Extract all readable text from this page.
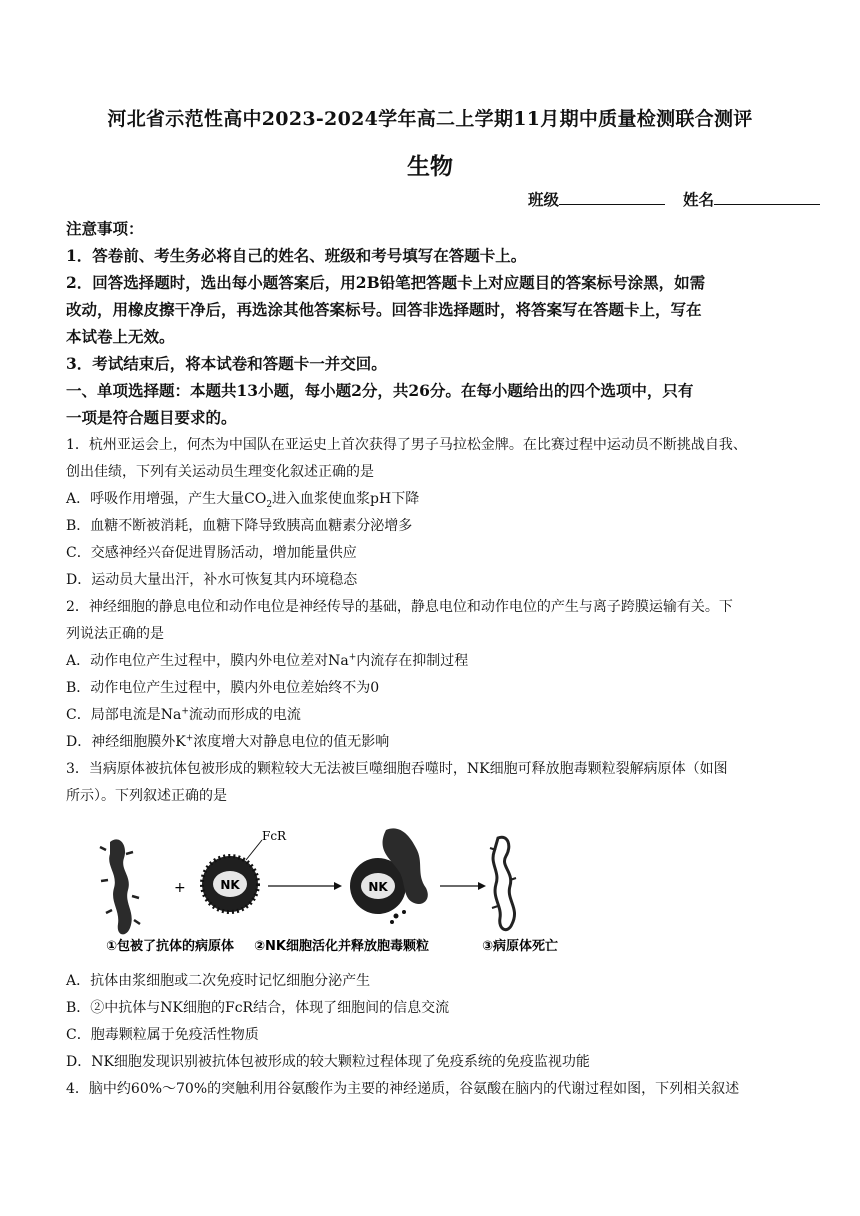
河北省示范性高中2023-2024学年高二上学期11月期中质量检测联合测评
生物
班级	姓名
注意事项：
1．答卷前、考生务必将自己的姓名、班级和考号填写在答题卡上。
2．回答选择题时，选出每小题答案后，用2B铅笔把答题卡上对应题目的答案标号涂黑，如需
改动，用橡皮擦干净后，再选涂其他答案标号。回答非选择题时，将答案写在答题卡上，写在
本试卷上无效。
3．考试结束后，将本试卷和答题卡一并交回。
一、单项选择题：本题共13小题，每小题2分，共26分。在每小题给出的四个选项中，只有
一项是符合题目要求的。
1．杭州亚运会上，何杰为中国队在亚运史上首次获得了男子马拉松金牌。在比赛过程中运动员不断挑战自我、
创出佳绩，下列有关运动员生理变化叙述正确的是
A．呼吸作用增强，产生大量$CO_2$进入血浆使血浆pH下降
B．血糖不断被消耗，血糖下降导致胰高血糖素分泌增多
C．交感神经兴奋促进胃肠活动，增加能量供应
D．运动员大量出汗，补水可恢复其内环境稳态
2．神经细胞的静息电位和动作电位是神经传导的基础，静息电位和动作电位的产生与离子跨膜运输有关。下
列说法正确的是
A．动作电位产生过程中，膜内外电位差对Na+内流存在抑制过程
B．动作电位产生过程中，膜内外电位差始终不为0
C．局部电流是Na+流动而形成的电流
D．神经细胞膜外K+浓度增大对静息电位的值无影响
3．当病原体被抗体包被形成的颗粒较大无法被巨噬细胞吞噬时，NK细胞可释放胞毒颗粒裂解病原体（如图
所示）。下列叙述正确的是
+	NK
FcR
NK
①包被了抗体的病原体 ②NK细胞活化并释放胞毒颗粒	③病原体死亡
A．抗体由浆细胞或二次免疫时记忆细胞分泌产生
B．②中抗体与NK细胞的FcR结合，体现了细胞间的信息交流
C．胞毒颗粒属于免疫活性物质
D．NK细胞发现识别被抗体包被形成的较大颗粒过程体现了免疫系统的免疫监视功能
4．脑中约60%～70%的突触利用谷氨酸作为主要的神经递质，谷氨酸在脑内的代谢过程如图，下列相关叙述
